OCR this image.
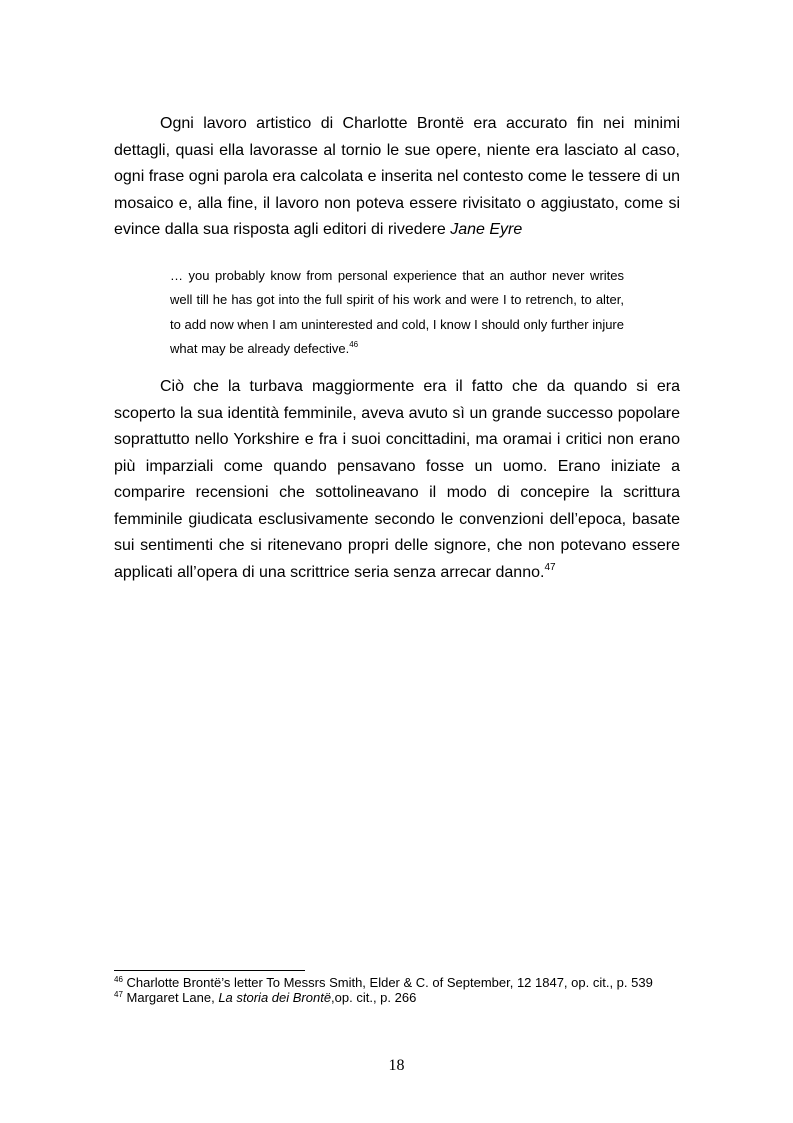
Ogni lavoro artistico di Charlotte Brontë era accurato fin nei minimi dettagli, quasi ella lavorasse al tornio le sue opere, niente era lasciato al caso, ogni frase ogni parola era calcolata e inserita nel contesto come le tessere di un mosaico e, alla fine, il lavoro non poteva essere rivisitato o aggiustato, come si evince dalla sua risposta agli editori di rivedere Jane Eyre

… you probably know from personal experience that an author never writes well till he has got into the full spirit of his work and were I to retrench, to alter, to add now when I am uninterested and cold, I know I should only further injure what may be already defective.$^{46}$

Ciò che la turbava maggiormente era il fatto che da quando si era scoperto la sua identità femminile, aveva avuto sì un grande successo popolare soprattutto nello Yorkshire e fra i suoi concittadini, ma oramai i critici non erano più imparziali come quando pensavano fosse un uomo. Erano iniziate a comparire recensioni che sottolineavano il modo di concepire la scrittura femminile giudicata esclusivamente secondo le convenzioni dell’epoca, basate sui sentimenti che si ritenevano propri delle signore, che non potevano essere applicati all’opera di una scrittrice seria senza arrecar danno.$^{47}$

$^{46}$ Charlotte Brontë’s letter To Messrs Smith, Elder & C. of September, 12 1847, op. cit., p. 539

$^{47}$ Margaret Lane, La storia dei Brontë,op. cit., p. 266

18
